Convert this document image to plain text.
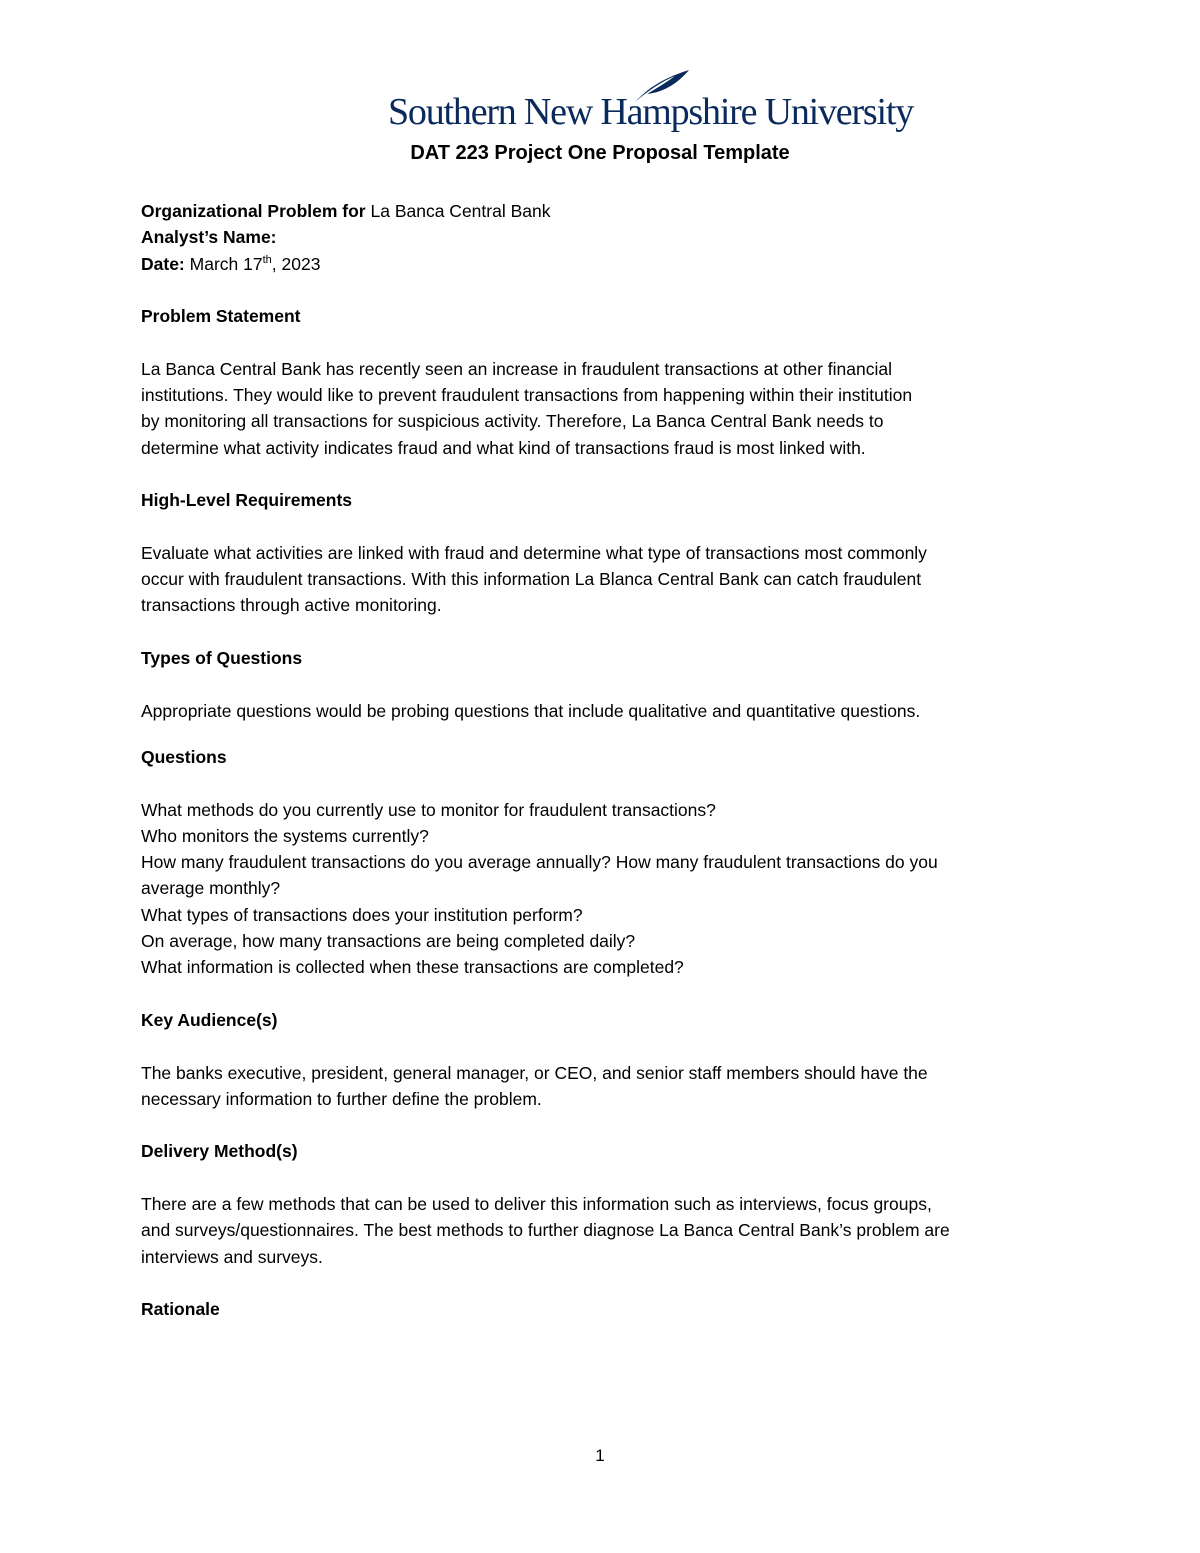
Southern New Hampshire University
DAT 223 Project One Proposal Template

Organizational Problem for La Banca Central Bank

Analyst’s Name:

Date: March 17th, 2023

Problem Statement

La Banca Central Bank has recently seen an increase in fraudulent transactions at other financial

institutions. They would like to prevent fraudulent transactions from happening within their institution

by monitoring all transactions for suspicious activity. Therefore, La Banca Central Bank needs to

determine what activity indicates fraud and what kind of transactions fraud is most linked with.

High-Level Requirements

Evaluate what activities are linked with fraud and determine what type of transactions most commonly

occur with fraudulent transactions. With this information La Blanca Central Bank can catch fraudulent

transactions through active monitoring.

Types of Questions

Appropriate questions would be probing questions that include qualitative and quantitative questions.

Questions

What methods do you currently use to monitor for fraudulent transactions?

Who monitors the systems currently?

How many fraudulent transactions do you average annually? How many fraudulent transactions do you

average monthly?

What types of transactions does your institution perform?

On average, how many transactions are being completed daily?

What information is collected when these transactions are completed?

Key Audience(s)

The banks executive, president, general manager, or CEO, and senior staff members should have the

necessary information to further define the problem.

Delivery Method(s)

There are a few methods that can be used to deliver this information such as interviews, focus groups,

and surveys/questionnaires. The best methods to further diagnose La Banca Central Bank’s problem are

interviews and surveys.

Rationale

1
